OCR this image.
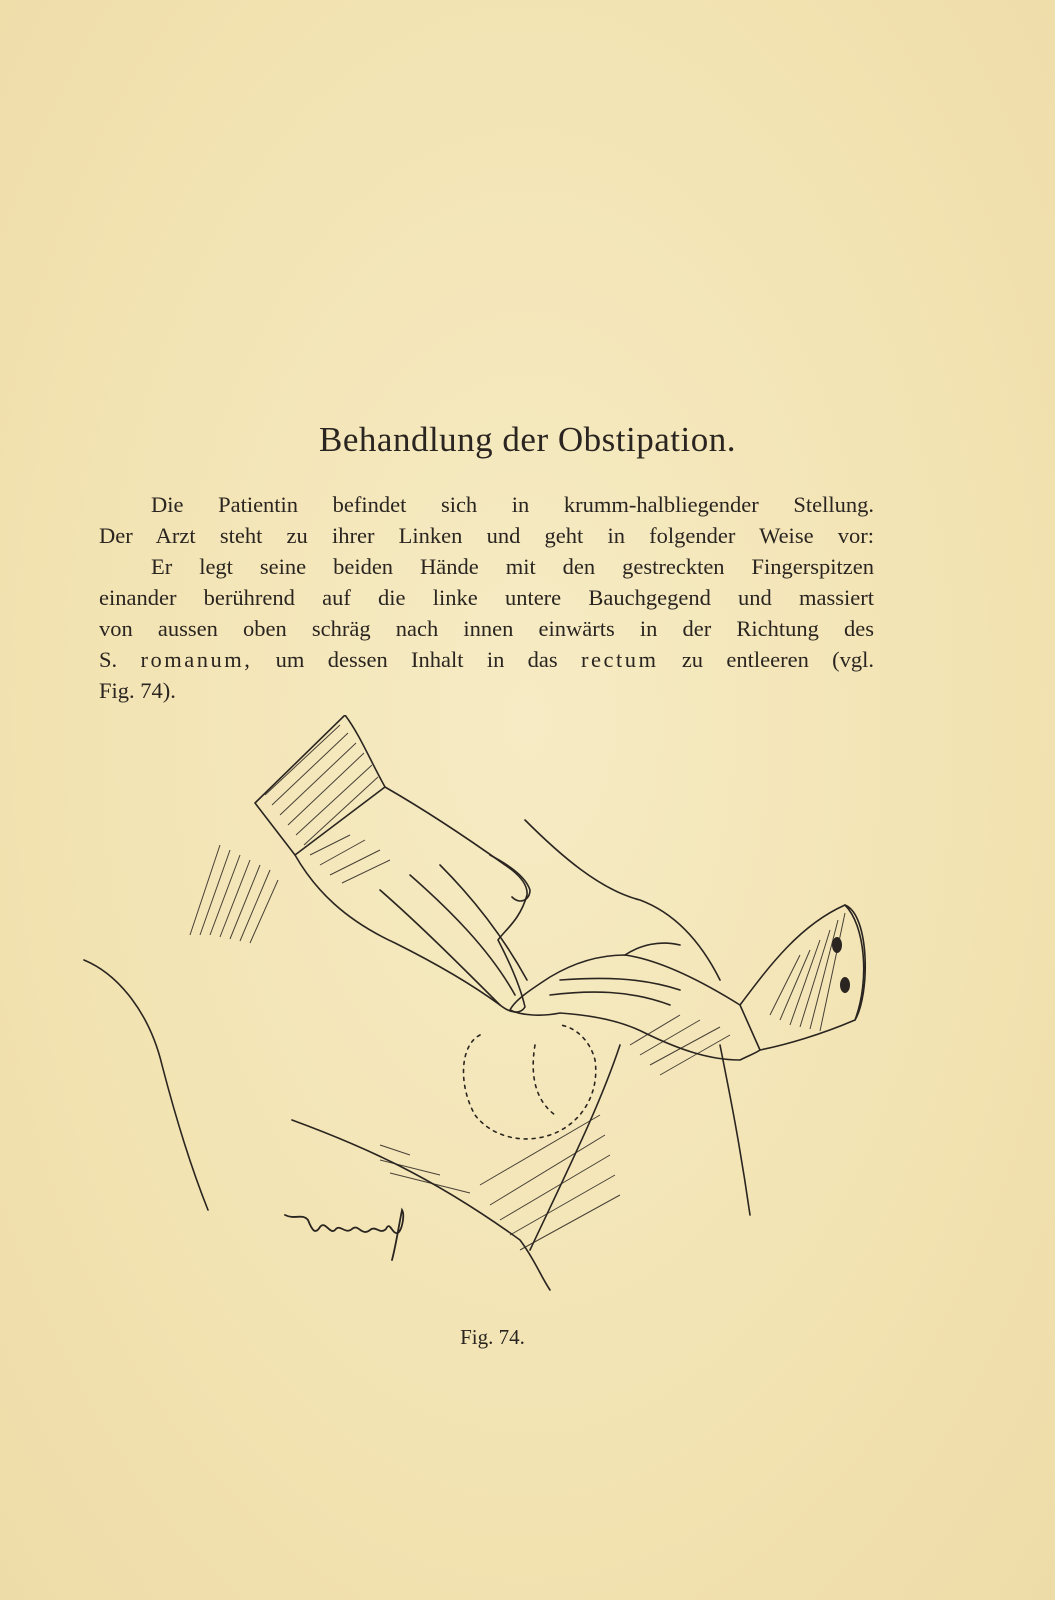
Behandlung der Obstipation.
Die Patientin befindet sich in krumm-halbliegender Stellung.
Der Arzt steht zu ihrer Linken und geht in folgender Weise vor:
Er legt seine beiden Hände mit den gestreckten Fingerspitzen
einander berührend auf die linke untere Bauchgegend und massiert
von aussen oben schräg nach innen einwärts in der Richtung des
S. romanum, um dessen Inhalt in das rectum zu entleeren (vgl.
Fig. 74).
Fig. 74.
